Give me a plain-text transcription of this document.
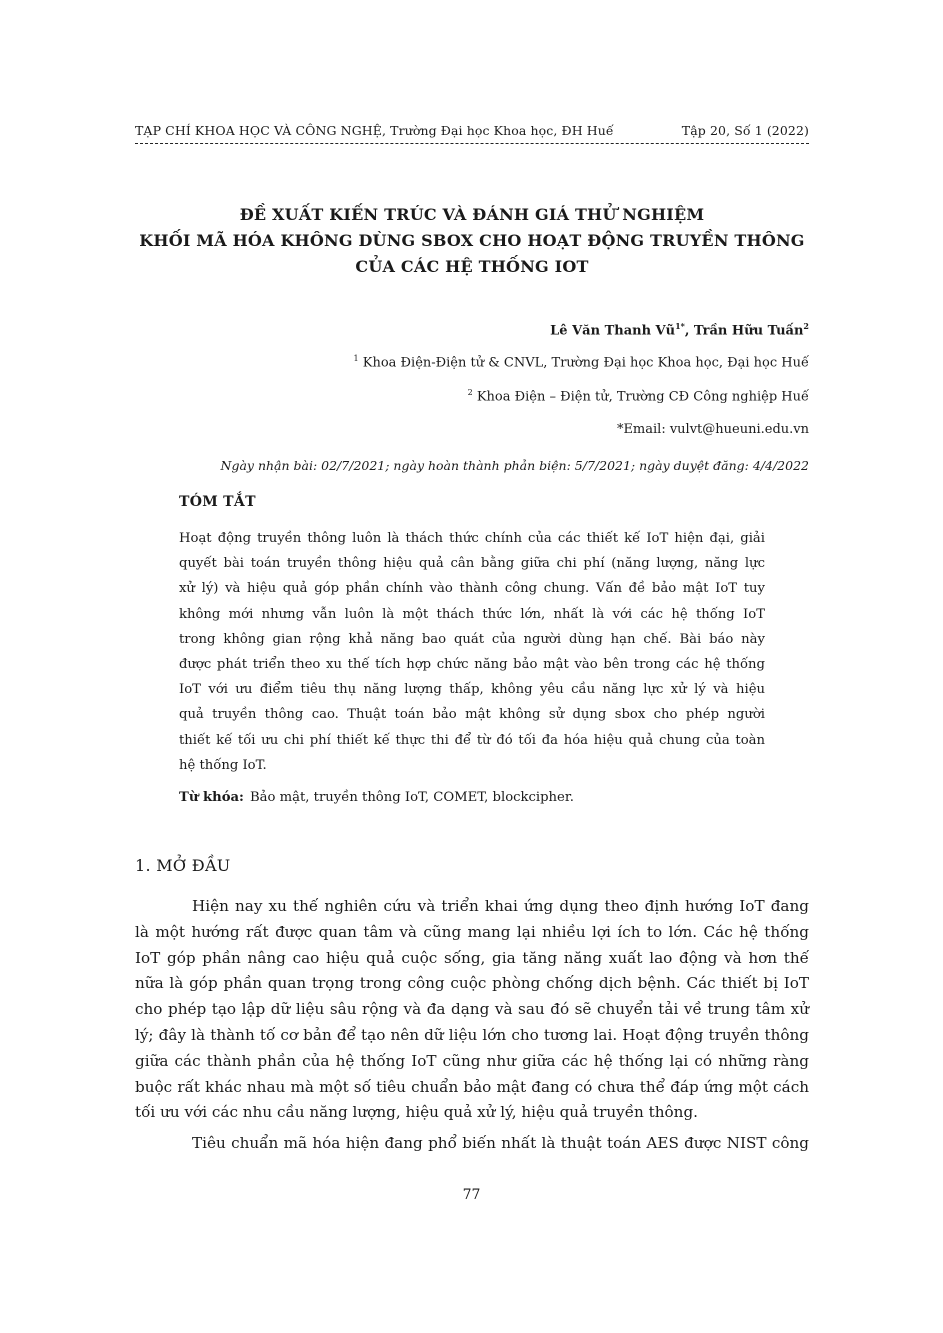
TẠP CHÍ KHOA HỌC VÀ CÔNG NGHỆ, Trường Đại học Khoa học, ĐH Huế	Tập 20, Số 1 (2022)
ĐỀ XUẤT KIẾN TRÚC VÀ ĐÁNH GIÁ THỬ NGHIỆM
KHỐI MÃ HÓA KHÔNG DÙNG SBOX CHO HOẠT ĐỘNG TRUYỀN THÔNG
CỦA CÁC HỆ THỐNG IOT
Lê Văn Thanh $Vũ^{1*}$, Trần Hữu Tuấn$^2$
$^1$ Khoa Điện-Điện tử & CNVL, Trường Đại học Khoa học, Đại học Huế
$^2$ Khoa Điện – Điện tử, Trường CĐ Công nghiệp Huế
*Email: vulvt@hueuni.edu.vn
Ngày nhận bài: 02/7/2021; ngày hoàn thành phản biện: 5/7/2021; ngày duyệt đăng: 4/4/2022
TÓM TẮT
Hoạt động truyền thông luôn là thách thức chính của các thiết kế IoT hiện đại, giải
quyết bài toán truyền thông hiệu quả cân bằng giữa chi phí (năng lượng, năng lực
xử lý) và hiệu quả góp phần chính vào thành công chung. Vấn đề bảo mật IoT tuy
không mới nhưng vẫn luôn là một thách thức lớn, nhất là với các hệ thống IoT
trong không gian rộng khả năng bao quát của người dùng hạn chế. Bài báo này
được phát triển theo xu thế tích hợp chức năng bảo mật vào bên trong các hệ thống
IoT với ưu điểm tiêu thụ năng lượng thấp, không yêu cầu năng lực xử lý và hiệu
quả truyền thông cao. Thuật toán bảo mật không sử dụng sbox cho phép người
thiết kế tối ưu chi phí thiết kế thực thi để từ đó tối đa hóa hiệu quả chung của toàn
hệ thống IoT.
Từ khóa: Bảo mật, truyền thông IoT, COMET, blockcipher.
1. MỞ ĐẦU
Hiện nay xu thế nghiên cứu và triển khai ứng dụng theo định hướng IoT đang
là một hướng rất được quan tâm và cũng mang lại nhiều lợi ích to lớn. Các hệ thống
IoT góp phần nâng cao hiệu quả cuộc sống, gia tăng năng xuất lao động và hơn thế
nữa là góp phần quan trọng trong công cuộc phòng chống dịch bệnh. Các thiết bị IoT
cho phép tạo lập dữ liệu sâu rộng và đa dạng và sau đó sẽ chuyển tải về trung tâm xử
lý; đây là thành tố cơ bản để tạo nên dữ liệu lớn cho tương lai. Hoạt động truyền thông
giữa các thành phần của hệ thống IoT cũng như giữa các hệ thống lại có những ràng
buộc rất khác nhau mà một số tiêu chuẩn bảo mật đang có chưa thể đáp ứng một cách
tối ưu với các nhu cầu năng lượng, hiệu quả xử lý, hiệu quả truyền thông.
Tiêu chuẩn mã hóa hiện đang phổ biến nhất là thuật toán AES được NIST công
77
